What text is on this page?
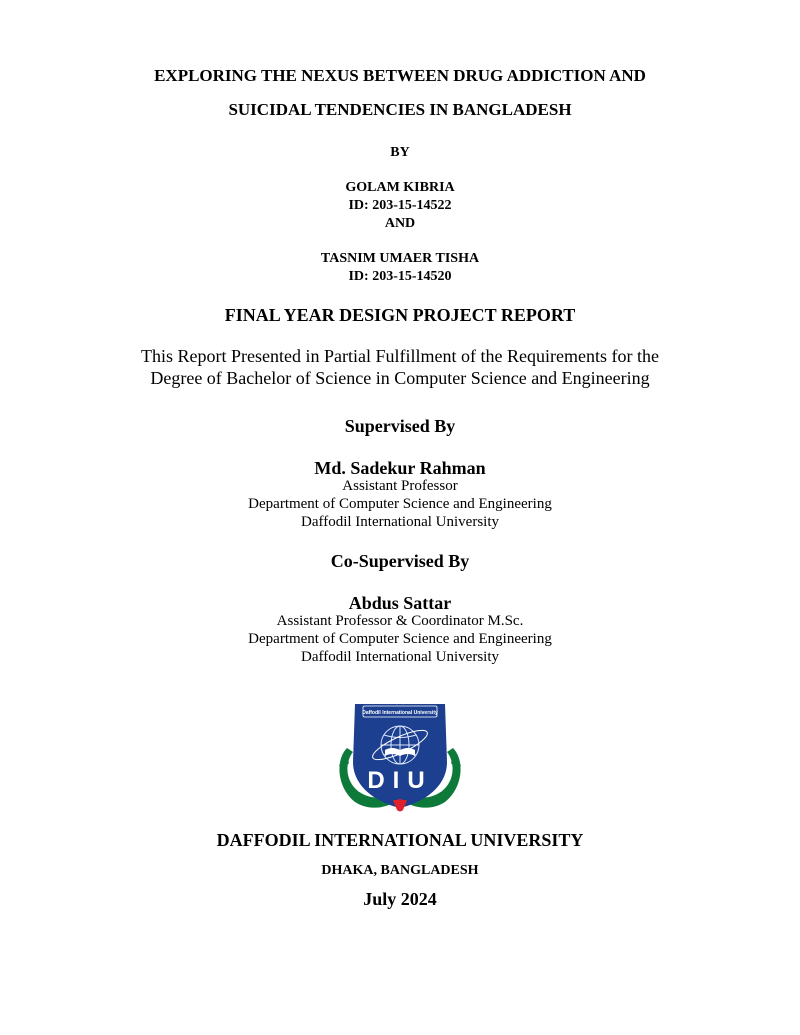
EXPLORING THE NEXUS BETWEEN DRUG ADDICTION AND
SUICIDAL TENDENCIES IN BANGLADESH
BY
GOLAM KIBRIA
ID: 203-15-14522
AND
TASNIM UMAER TISHA
ID: 203-15-14520
FINAL YEAR DESIGN PROJECT REPORT
This Report Presented in Partial Fulfillment of the Requirements for the
Degree of Bachelor of Science in Computer Science and Engineering
Supervised By
Md. Sadekur Rahman
Assistant Professor
Department of Computer Science and Engineering
Daffodil International University
Co-Supervised By
Abdus Sattar
Assistant Professor & Coordinator M.Sc.
Department of Computer Science and Engineering
Daffodil International University
Daffodil International University
DIU
DAFFODIL INTERNATIONAL UNIVERSITY
DHAKA, BANGLADESH
July 2024
